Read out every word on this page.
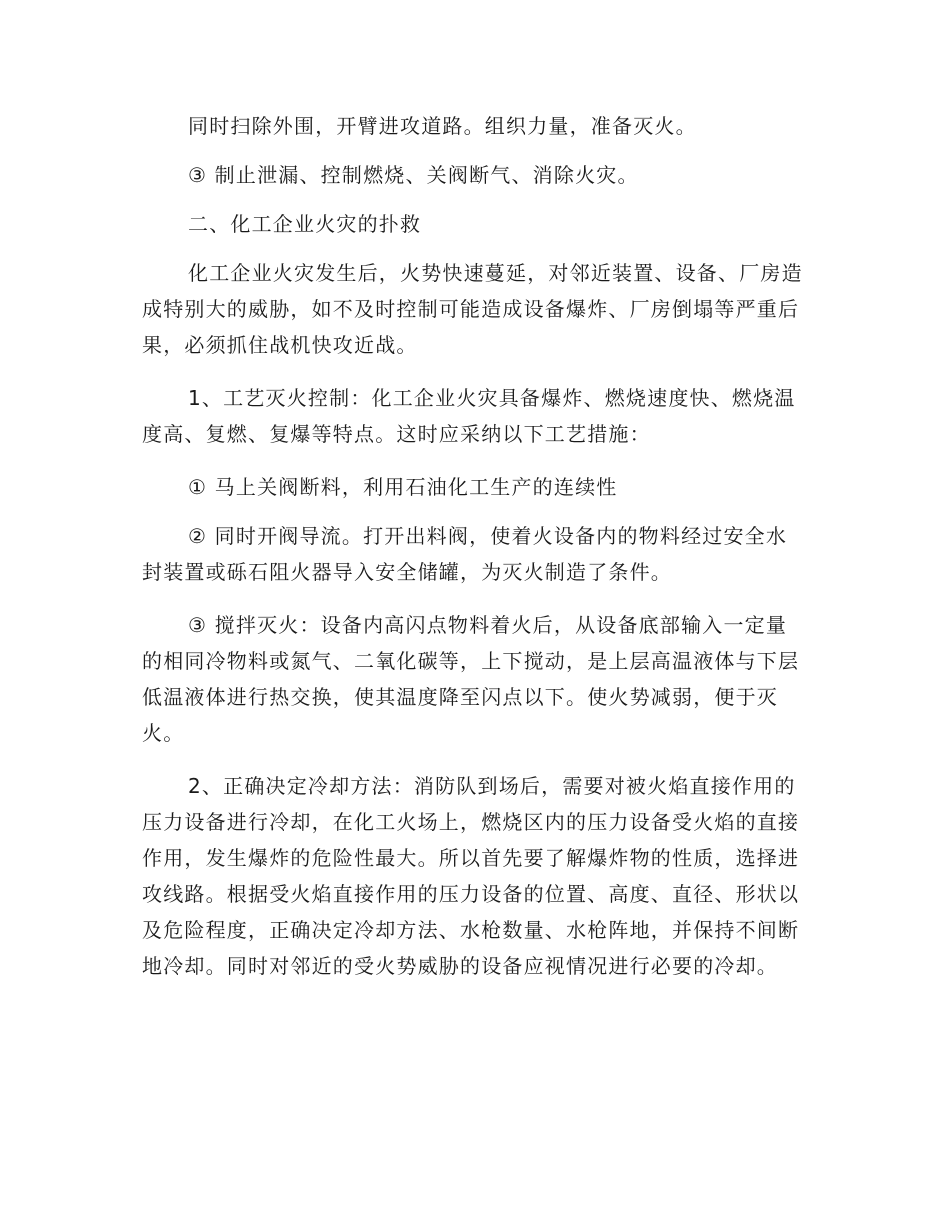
同时扫除外围，开臂进攻道路。组织力量，准备灭火。

③ 制止泄漏、控制燃烧、关阀断气、消除火灾。

二、化工企业火灾的扑救

化工企业火灾发生后，火势快速蔓延，对邻近装置、设备、厂房造成特别大的威胁，如不及时控制可能造成设备爆炸、厂房倒塌等严重后果，必须抓住战机快攻近战。

1、工艺灭火控制：化工企业火灾具备爆炸、燃烧速度快、燃烧温度高、复燃、复爆等特点。这时应采纳以下工艺措施：

① 马上关阀断料，利用石油化工生产的连续性

② 同时开阀导流。打开出料阀，使着火设备内的物料经过安全水封装置或砾石阻火器导入安全储罐，为灭火制造了条件。

③ 搅拌灭火：设备内高闪点物料着火后，从设备底部输入一定量的相同冷物料或氮气、二氧化碳等，上下搅动，是上层高温液体与下层低温液体进行热交换，使其温度降至闪点以下。使火势减弱，便于灭火。

2、正确决定冷却方法：消防队到场后，需要对被火焰直接作用的压力设备进行冷却，在化工火场上，燃烧区内的压力设备受火焰的直接作用，发生爆炸的危险性最大。所以首先要了解爆炸物的性质，选择进攻线路。根据受火焰直接作用的压力设备的位置、高度、直径、形状以及危险程度，正确决定冷却方法、水枪数量、水枪阵地，并保持不间断地冷却。同时对邻近的受火势威胁的设备应视情况进行必要的冷却。
